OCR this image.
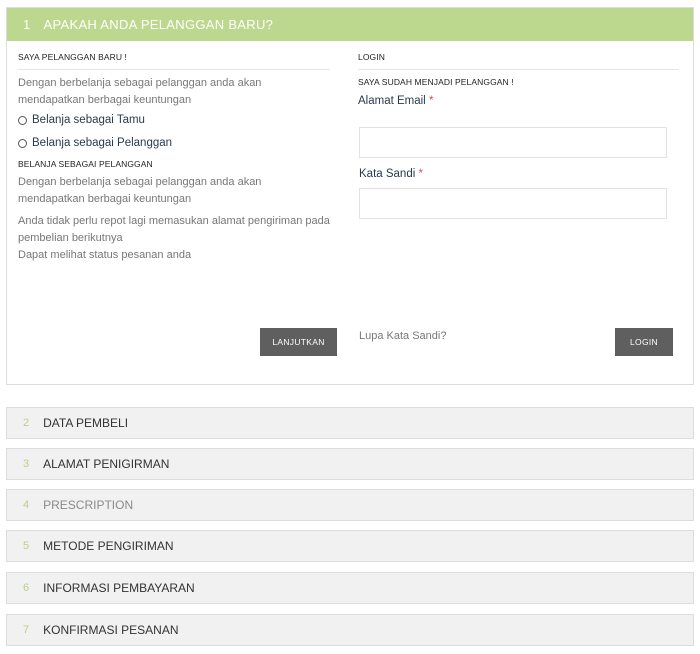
1 APAKAH ANDA PELANGGAN BARU?
SAYA PELANGGAN BARU !
Dengan berbelanja sebagai pelanggan anda akan mendapatkan berbagai keuntungan
Belanja sebagai Tamu
Belanja sebagai Pelanggan
BELANJA SEBAGAI PELANGGAN
Dengan berbelanja sebagai pelanggan anda akan mendapatkan berbagai keuntungan
Anda tidak perlu repot lagi memasukan alamat pengiriman pada pembelian berikutnya
Dapat melihat status pesanan anda
LANJUTKAN
LOGIN
SAYA SUDAH MENJADI PELANGGAN !
Alamat Email *
Kata Sandi *
Lupa Kata Sandi?	LOGIN
2 DATA PEMBELI
3 ALAMAT PENIGIRMAN
4 PRESCRIPTION
5 METODE PENGIRIMAN
6 INFORMASI PEMBAYARAN
7 KONFIRMASI PESANAN
